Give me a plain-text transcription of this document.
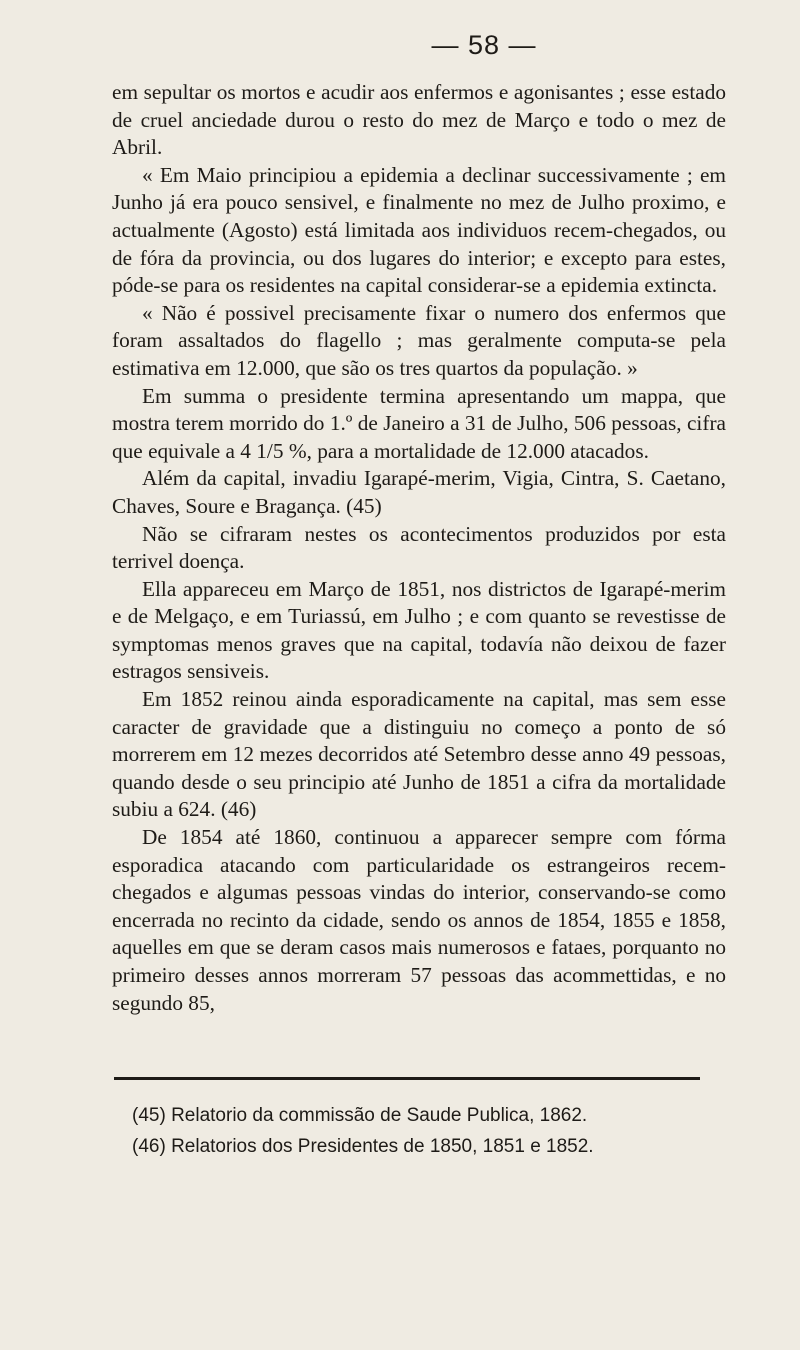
— 58 —

em sepultar os mortos e acudir aos enfermos e agonisantes ; esse estado de cruel anciedade durou o resto do mez de Março e todo o mez de Abril.

« Em Maio principiou a epidemia a declinar successivamente ; em Junho já era pouco sensivel, e finalmente no mez de Julho proximo, e actualmente (Agosto) está limitada aos individuos recem-chegados, ou de fóra da provincia, ou dos lugares do interior; e excepto para estes, póde-se para os residentes na capital considerar-se a epidemia extincta.

« Não é possivel precisamente fixar o numero dos enfermos que foram assaltados do flagello ; mas geralmente computa-se pela estimativa em 12.000, que são os tres quartos da população. »

Em summa o presidente termina apresentando um mappa, que mostra terem morrido do 1.º de Janeiro a 31 de Julho, 506 pessoas, cifra que equivale a 4 1/5 %, para a mortalidade de 12.000 atacados.

Além da capital, invadiu Igarapé-merim, Vigia, Cintra, S. Caetano, Chaves, Soure e Bragança. (45)

Não se cifraram nestes os acontecimentos produzidos por esta terrivel doença.

Ella appareceu em Março de 1851, nos districtos de Igarapé-merim e de Melgaço, e em Turiassú, em Julho ; e com quanto se revestisse de symptomas menos graves que na capital, todavía não deixou de fazer estragos sensiveis.

Em 1852 reinou ainda esporadicamente na capital, mas sem esse caracter de gravidade que a distinguiu no começo a ponto de só morrerem em 12 mezes decorridos até Setembro desse anno 49 pessoas, quando desde o seu principio até Junho de 1851 a cifra da mortalidade subiu a 624. (46)

De 1854 até 1860, continuou a apparecer sempre com fórma esporadica atacando com particularidade os estrangeiros recem-chegados e algumas pessoas vindas do interior, conservando-se como encerrada no recinto da cidade, sendo os annos de 1854, 1855 e 1858, aquelles em que se deram casos mais numerosos e fataes, porquanto no primeiro desses annos morreram 57 pessoas das acommettidas, e no segundo 85,

(45) Relatorio da commissão de Saude Publica, 1862.

(46) Relatorios dos Presidentes de 1850, 1851 e 1852.
